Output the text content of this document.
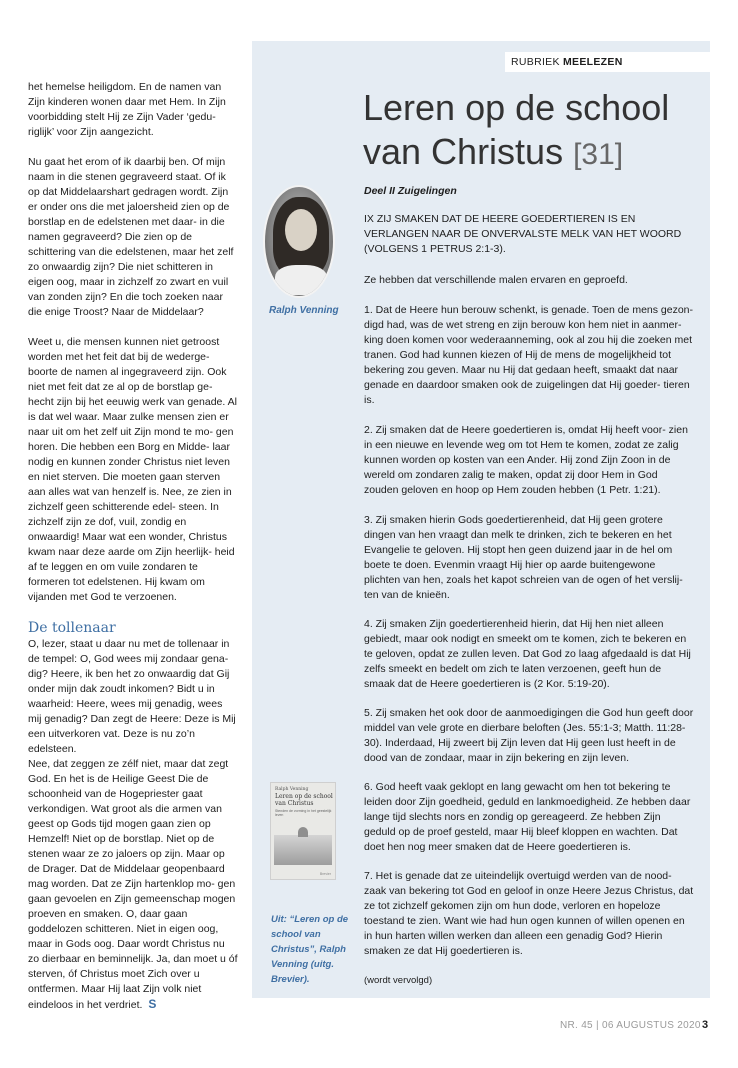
het hemelse heiligdom. En de namen van Zijn kinderen wonen daar met Hem. In Zijn voorbidding stelt Hij ze Zijn Vader ‘gedu- riglijk’ voor Zijn aangezicht.

Nu gaat het erom of ik daarbij ben. Of mijn naam in die stenen gegraveerd staat. Of ik op dat Middelaarshart gedragen wordt. Zijn er onder ons die met jaloersheid zien op de borstlap en de edelstenen met daar- in die namen gegraveerd? Die zien op de schittering van die edelstenen, maar het zelf zo onwaardig zijn? Die niet schitteren in eigen oog, maar in zichzelf zo zwart en vuil van zonden zijn? En die toch zoeken naar die enige Troost? Naar de Middelaar?

Weet u, die mensen kunnen niet getroost worden met het feit dat bij de wederge- boorte de namen al ingegraveerd zijn. Ook niet met feit dat ze al op de borstlap ge- hecht zijn bij het eeuwig werk van genade. Al is dat wel waar. Maar zulke mensen zien er naar uit om het zelf uit Zijn mond te mo- gen horen. Die hebben een Borg en Midde- laar nodig en kunnen zonder Christus niet leven en niet sterven. Die moeten gaan sterven aan alles wat van henzelf is. Nee, ze zien in zichzelf geen schitterende edel- steen. In zichzelf zijn ze dof, vuil, zondig en onwaardig! Maar wat een wonder, Christus kwam naar deze aarde om Zijn heerlijk- heid af te leggen en om vuile zondaren te formeren tot edelstenen. Hij kwam om vijanden met God te verzoenen.

De tollenaar

O, lezer, staat u daar nu met de tollenaar in de tempel: O, God wees mij zondaar gena- dig? Heere, ik ben het zo onwaardig dat Gij onder mijn dak zoudt inkomen? Bidt u in waarheid: Heere, wees mij genadig, wees mij genadig? Dan zegt de Heere: Deze is Mij een uitverkoren vat. Deze is nu zo’n edelsteen.

Nee, dat zeggen ze zélf niet, maar dat zegt God. En het is de Heilige Geest Die de schoonheid van de Hogepriester gaat verkondigen. Wat groot als die armen van geest op Gods tijd mogen gaan zien op Hemzelf! Niet op de borstlap. Niet op de stenen waar ze zo jaloers op zijn. Maar op de Drager. Dat de Middelaar geopenbaard mag worden. Dat ze Zijn hartenklop mo- gen gaan gevoelen en Zijn gemeenschap mogen proeven en smaken. O, daar gaan goddelozen schitteren. Niet in eigen oog, maar in Gods oog. Daar wordt Christus nu zo dierbaar en beminnelijk. Ja, dan moet u óf sterven, óf Christus moet Zich over u ontfermen. Maar Hij laat Zijn volk niet eindeloos in het verdriet. S

RUBRIEK MEELEZEN
Leren op de school
van Christus [31]
Ralph Venning
Deel II Zuigelingen
IX ZIJ SMAKEN DAT DE HEERE GOEDERTIEREN IS EN VERLANGEN NAAR DE ONVERVALSTE MELK VAN HET WOORD (VOLGENS 1 PETRUS 2:1-3).
Ze hebben dat verschillende malen ervaren en geproefd.
1. Dat de Heere hun berouw schenkt, is genade. Toen de mens gezon- digd had, was de wet streng en zijn berouw kon hem niet in aanmer- king doen komen voor wederaanneming, ook al zou hij die zoeken met tranen. God had kunnen kiezen of Hij de mens de mogelijkheid tot bekering zou geven. Maar nu Hij dat gedaan heeft, smaakt dat naar genade en daardoor smaken ook de zuigelingen dat Hij goeder- tieren is.
2. Zij smaken dat de Heere goedertieren is, omdat Hij heeft voor- zien in een nieuwe en levende weg om tot Hem te komen, zodat ze zalig kunnen worden op kosten van een Ander. Hij zond Zijn Zoon in de wereld om zondaren zalig te maken, opdat zij door Hem in God zouden geloven en hoop op Hem zouden hebben (1 Petr. 1:21).
3. Zij smaken hierin Gods goedertierenheid, dat Hij geen grotere dingen van hen vraagt dan melk te drinken, zich te bekeren en het Evangelie te geloven. Hij stopt hen geen duizend jaar in de hel om boete te doen. Evenmin vraagt Hij hier op aarde buitengewone plichten van hen, zoals het kapot schreien van de ogen of het verslij- ten van de knieën.
4. Zij smaken Zijn goedertierenheid hierin, dat Hij hen niet alleen gebiedt, maar ook nodigt en smeekt om te komen, zich te bekeren en te geloven, opdat ze zullen leven. Dat God zo laag afgedaald is dat Hij zelfs smeekt en bedelt om zich te laten verzoenen, geeft hun de smaak dat de Heere goedertieren is (2 Kor. 5:19-20).
5. Zij smaken het ook door de aanmoedigingen die God hun geeft door middel van vele grote en dierbare beloften (Jes. 55:1-3; Matth. 11:28-30). Inderdaad, Hij zweert bij Zijn leven dat Hij geen lust heeft in de dood van de zondaar, maar in zijn bekering en zijn leven.
6. God heeft vaak geklopt en lang gewacht om hen tot bekering te leiden door Zijn goedheid, geduld en lankmoedigheid. Ze hebben daar lange tijd slechts nors en zondig op gereageerd. Ze hebben Zijn geduld op de proef gesteld, maar Hij bleef kloppen en wachten. Dat doet hen nog meer smaken dat de Heere goedertieren is.
7. Het is genade dat ze uiteindelijk overtuigd werden van de nood- zaak van bekering tot God en geloof in onze Heere Jezus Christus, dat ze tot zichzelf gekomen zijn om hun dode, verloren en hopeloze toestand te zien. Want wie had hun ogen kunnen of willen openen en in hun harten willen werken dan alleen een genadig God? Hierin smaken ze dat Hij goedertieren is.
(wordt vervolgd)
Ralph Venning
Leren op de school van Christus
Stenden de vorming in het geestelijk leven
Brevier
Uit: “Leren op de school van Christus”, Ralph Venning (uitg. Brevier).
NR. 45 | 06 AUGUSTUS 2020 3
